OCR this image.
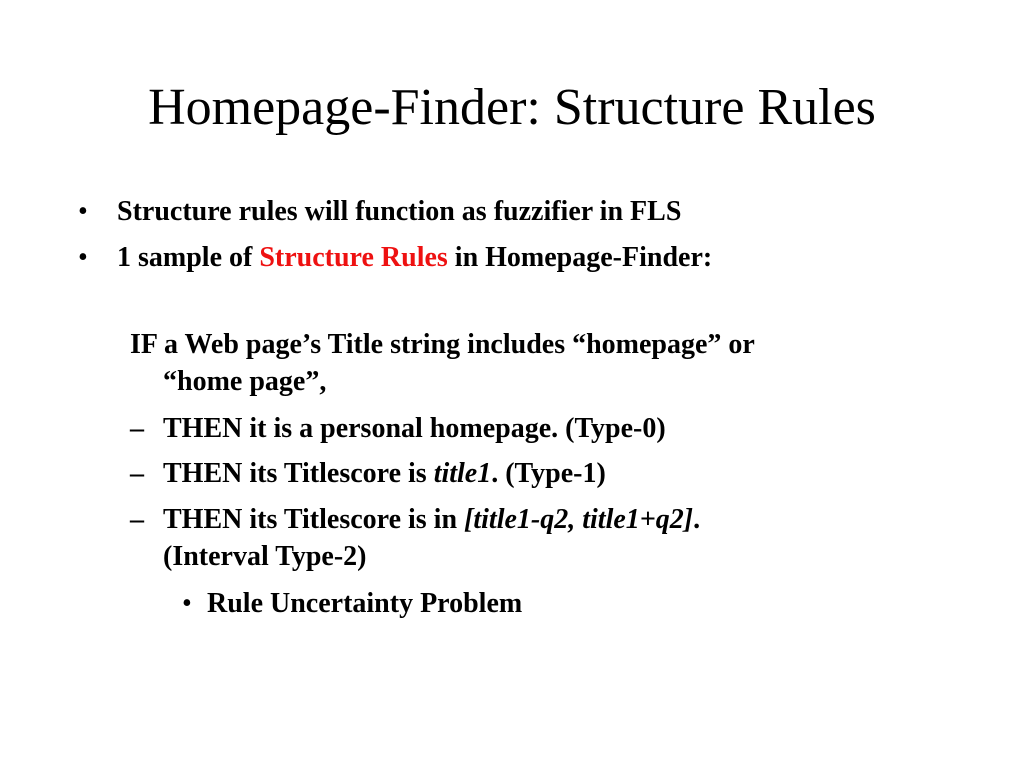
Homepage-Finder: Structure Rules
• Structure rules will function as fuzzifier in FLS
• 1 sample of Structure Rules in Homepage-Finder:
IF a Web page’s Title string includes “homepage” or
“home page”,
– THEN it is a personal homepage. (Type-0)
– THEN its Titlescore is title1. (Type-1)
– THEN its Titlescore is in [title1-q2, title1+q2].
(Interval Type-2)
• Rule Uncertainty Problem
